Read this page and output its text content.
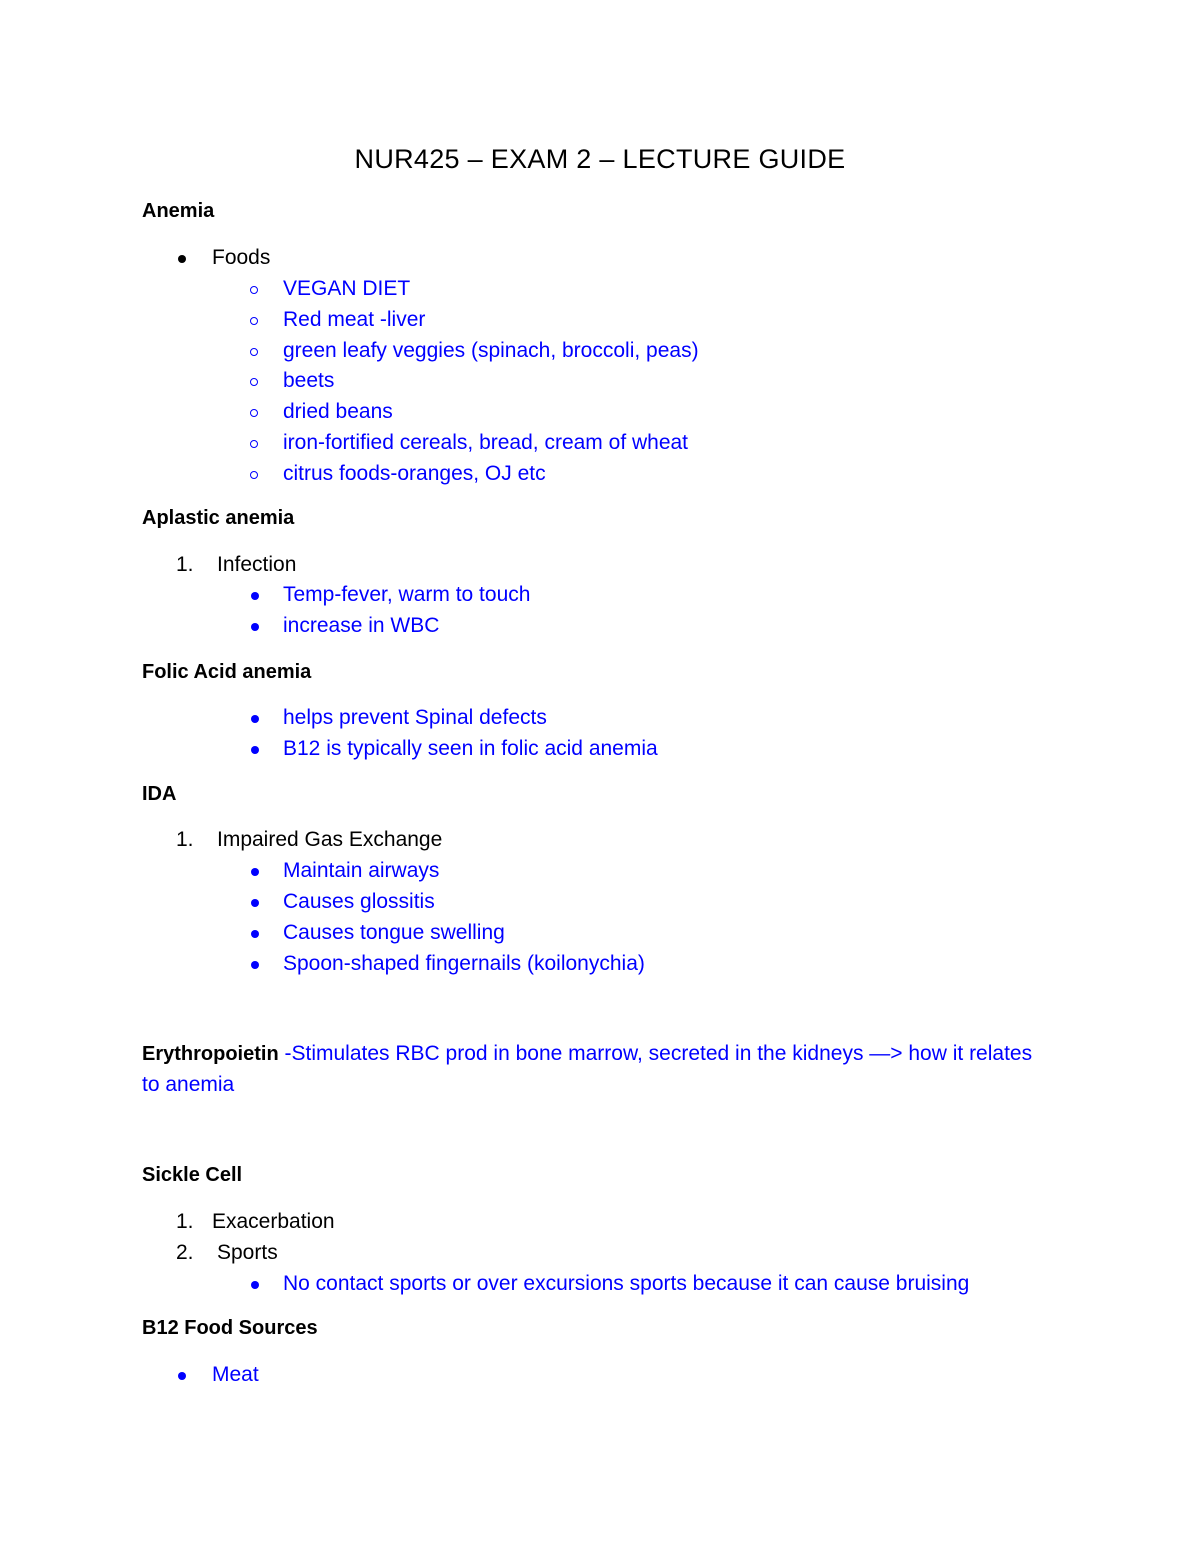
NUR425 – EXAM 2 – LECTURE GUIDE
Anemia
Foods
VEGAN DIET
Red meat -liver
green leafy veggies (spinach, broccoli, peas)
beets
dried beans
iron-fortified cereals, bread, cream of wheat
citrus foods-oranges, OJ etc
Aplastic anemia
1. Infection
Temp-fever, warm to touch
increase in WBC
Folic Acid anemia
helps prevent Spinal defects
B12 is typically seen in folic acid anemia
IDA
1. Impaired Gas Exchange
Maintain airways
Causes glossitis
Causes tongue swelling
Spoon-shaped fingernails (koilonychia)
Erythropoietin -Stimulates RBC prod in bone marrow, secreted in the kidneys —> how it relates
to anemia
Sickle Cell
1. Exacerbation
2. Sports
No contact sports or over excursions sports because it can cause bruising
B12 Food Sources
Meat
